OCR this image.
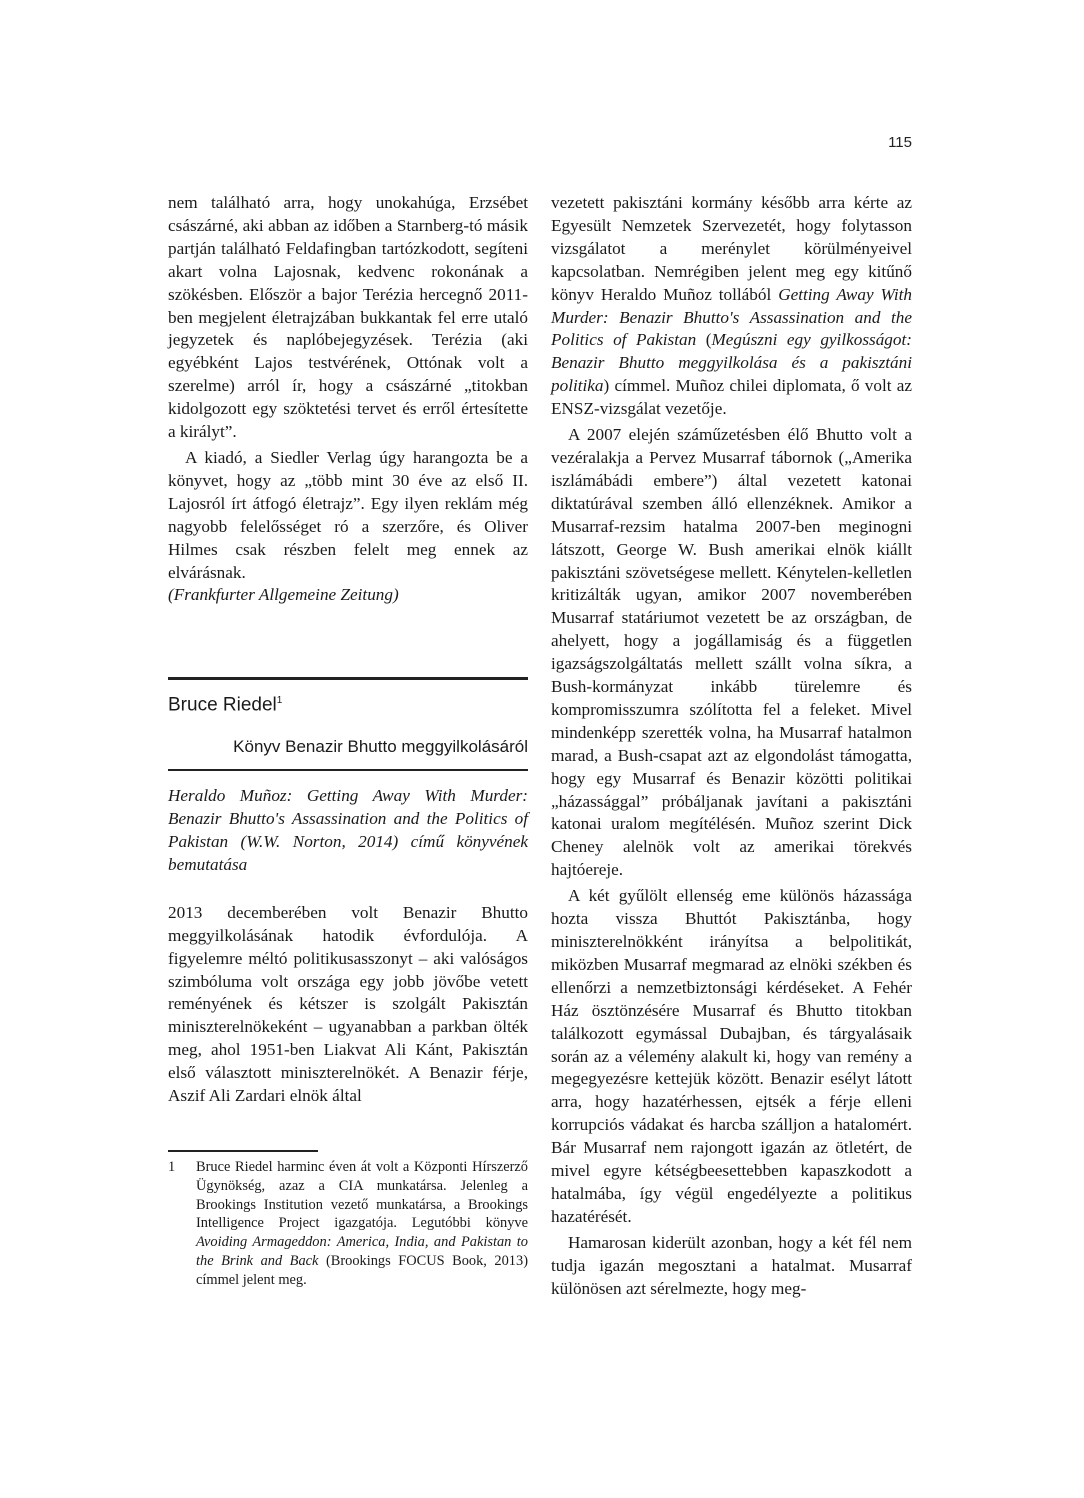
115

nem található arra, hogy unokahúga, Erzsébet császárné, aki abban az időben a Starnberg-tó másik partján található Feldafingban tartózkodott, segíteni akart volna Lajosnak, kedvenc rokonának a szökésben. Először a bajor Terézia hercegnő 2011-ben megjelent életrajzában bukkantak fel erre utaló jegyzetek és naplóbejegyzések. Terézia (aki egyébként Lajos testvérének, Ottónak volt a szerelme) arról ír, hogy a császárné „titokban kidolgozott egy szöktetési tervet és erről értesítette a királyt”.

A kiadó, a Siedler Verlag úgy harangozta be a könyvet, hogy az „több mint 30 éve az első II. Lajosról írt átfogó életrajz”. Egy ilyen reklám még nagyobb felelősséget ró a szerzőre, és Oliver Hilmes csak részben felelt meg ennek az elvárásnak.

(Frankfurter Allgemeine Zeitung)

Bruce Riedel$^1$
Könyv Benazir Bhutto meggyilkolásáról

Heraldo Muñoz: Getting Away With Murder: Benazir Bhutto's Assassination and the Politics of Pakistan (W.W. Norton, 2014) című könyvének bemutatása

2013 decemberében volt Benazir Bhutto meggyilkolásának hatodik évfordulója. A figyelemre méltó politikusasszonyt – aki valóságos szimbóluma volt országa egy jobb jövőbe vetett reményének és kétszer is szolgált Pakisztán miniszterelnökeként – ugyanabban a parkban ölték meg, ahol 1951-ben Liakvat Ali Kánt, Pakisztán első választott miniszterelnökét. A Benazir férje, Aszif Ali Zardari elnök által

1	Bruce Riedel harminc éven át volt a Központi Hírszerző Ügynökség, azaz a CIA munkatársa. Jelenleg a Brookings Institution vezető munkatársa, a Brookings Intelligence Project igazgatója. Legutóbbi könyve Avoiding Armageddon: America, India, and Pakistan to the Brink and Back (Brookings FOCUS Book, 2013) címmel jelent meg.

vezetett pakisztáni kormány később arra kérte az Egyesült Nemzetek Szervezetét, hogy folytasson vizsgálatot a merénylet körülményeivel kapcsolatban. Nemrégiben jelent meg egy kitűnő könyv Heraldo Muñoz tollából Getting Away With Murder: Benazir Bhutto's Assassination and the Politics of Pakistan (Megúszni egy gyilkosságot: Benazir Bhutto meggyilkolása és a pakisztáni politika) címmel. Muñoz chilei diplomata, ő volt az ENSZ-vizsgálat vezetője.

A 2007 elején száműzetésben élő Bhutto volt a vezéralakja a Pervez Musarraf tábornok („Amerika iszlámábádi embere”) által vezetett katonai diktatúrával szemben álló ellenzéknek. Amikor a Musarraf-rezsim hatalma 2007-ben meginogni látszott, George W. Bush amerikai elnök kiállt pakisztáni szövetségese mellett. Kénytelen-kelletlen kritizálták ugyan, amikor 2007 novemberében Musarraf statáriumot vezetett be az országban, de ahelyett, hogy a jogállamiság és a független igazságszolgáltatás mellett szállt volna síkra, a Bush-kormányzat inkább türelemre és kompromisszumra szólította fel a feleket. Mivel mindenképp szerették volna, ha Musarraf hatalmon marad, a Bush-csapat azt az elgondolást támogatta, hogy egy Musarraf és Benazir közötti politikai „házassággal” próbáljanak javítani a pakisztáni katonai uralom megítélésén. Muñoz szerint Dick Cheney alelnök volt az amerikai törekvés hajtóereje.

A két gyűlölt ellenség eme különös házassága hozta vissza Bhuttót Pakisztánba, hogy miniszterelnökként irányítsa a belpolitikát, miközben Musarraf megmarad az elnöki székben és ellenőrzi a nemzetbiztonsági kérdéseket. A Fehér Ház ösztönzésére Musarraf és Bhutto titokban találkozott egymással Dubajban, és tárgyalásaik során az a vélemény alakult ki, hogy van remény a megegyezésre kettejük között. Benazir esélyt látott arra, hogy hazatérhessen, ejtsék a férje elleni korrupciós vádakat és harcba szálljon a hatalomért. Bár Musarraf nem rajongott igazán az ötletért, de mivel egyre kétségbeesettebben kapaszkodott a hatalmába, így végül engedélyezte a politikus hazatérését.

Hamarosan kiderült azonban, hogy a két fél nem tudja igazán megosztani a hatalmat. Musarraf különösen azt sérelmezte, hogy meg-
